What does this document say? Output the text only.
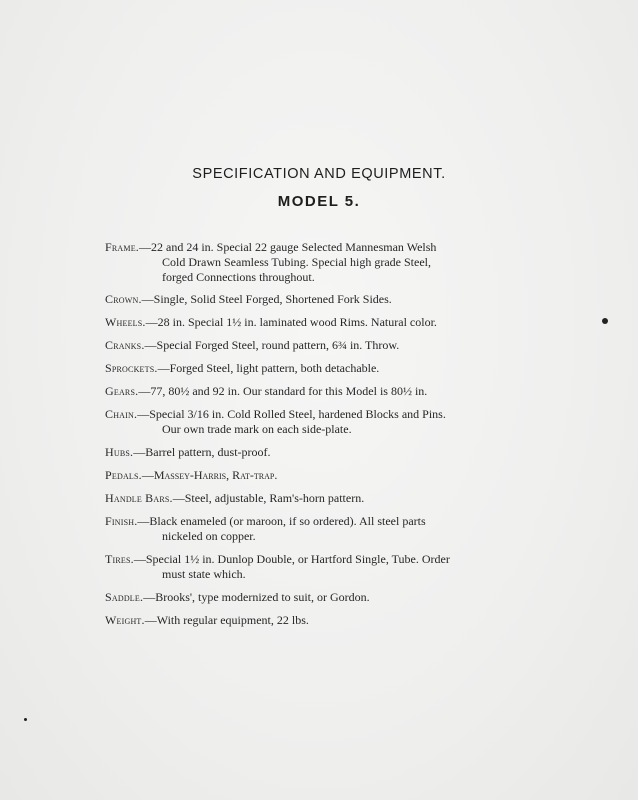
SPECIFICATION AND EQUIPMENT.
MODEL 5.
Frame.—22 and 24 in. Special 22 gauge Selected Mannesman Welsh
Cold Drawn Seamless Tubing. Special high grade Steel,
forged Connections throughout.
Crown.—Single, Solid Steel Forged, Shortened Fork Sides.
Wheels.—28 in. Special 1½ in. laminated wood Rims. Natural color.
Cranks.—Special Forged Steel, round pattern, 6¾ in. Throw.
Sprockets.—Forged Steel, light pattern, both detachable.
Gears.—77, 80½ and 92 in. Our standard for this Model is 80½ in.
Chain.—Special 3/16 in. Cold Rolled Steel, hardened Blocks and Pins.
Our own trade mark on each side-plate.
Hubs.—Barrel pattern, dust-proof.
Pedals.—Massey-Harris, Rat-trap.
Handle Bars.—Steel, adjustable, Ram's-horn pattern.
Finish.—Black enameled (or maroon, if so ordered). All steel parts
nickeled on copper.
Tires.—Special 1½ in. Dunlop Double, or Hartford Single, Tube. Order
must state which.
Saddle.—Brooks', type modernized to suit, or Gordon.
Weight.—With regular equipment, 22 lbs.
